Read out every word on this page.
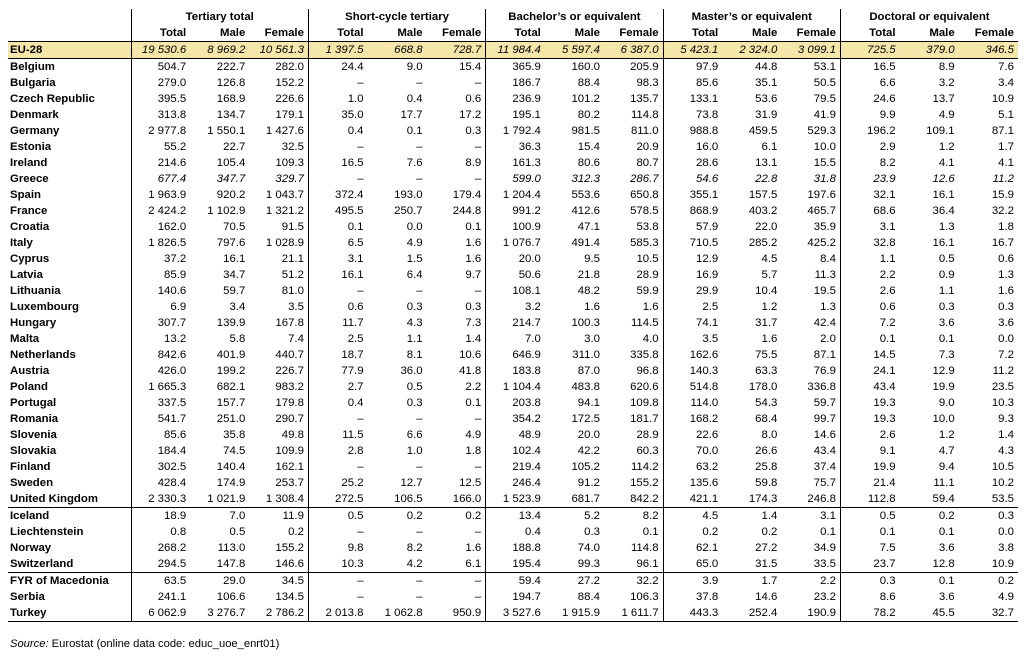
	Tertiary total			Short-cycle tertiary			Bachelor’s or equivalent			Master’s or equivalent			Doctoral or equivalent		
	Total	Male	Female	Total	Male	Female	Total	Male	Female	Total	Male	Female	Total	Male	Female
EU-28	19 530.6	8 969.2	10 561.3	1 397.5	668.8	728.7	11 984.4	5 597.4	6 387.0	5 423.1	2 324.0	3 099.1	725.5	379.0	346.5
Belgium	504.7	222.7	282.0	24.4	9.0	15.4	365.9	160.0	205.9	97.9	44.8	53.1	16.5	8.9	7.6
Bulgaria	279.0	126.8	152.2	–	–	–	186.7	88.4	98.3	85.6	35.1	50.5	6.6	3.2	3.4
Czech Republic	395.5	168.9	226.6	1.0	0.4	0.6	236.9	101.2	135.7	133.1	53.6	79.5	24.6	13.7	10.9
Denmark	313.8	134.7	179.1	35.0	17.7	17.2	195.1	80.2	114.8	73.8	31.9	41.9	9.9	4.9	5.1
Germany	2 977.8	1 550.1	1 427.6	0.4	0.1	0.3	1 792.4	981.5	811.0	988.8	459.5	529.3	196.2	109.1	87.1
Estonia	55.2	22.7	32.5	–	–	–	36.3	15.4	20.9	16.0	6.1	10.0	2.9	1.2	1.7
Ireland	214.6	105.4	109.3	16.5	7.6	8.9	161.3	80.6	80.7	28.6	13.1	15.5	8.2	4.1	4.1
Greece	677.4	347.7	329.7	–	–	–	599.0	312.3	286.7	54.6	22.8	31.8	23.9	12.6	11.2
Spain	1 963.9	920.2	1 043.7	372.4	193.0	179.4	1 204.4	553.6	650.8	355.1	157.5	197.6	32.1	16.1	15.9
France	2 424.2	1 102.9	1 321.2	495.5	250.7	244.8	991.2	412.6	578.5	868.9	403.2	465.7	68.6	36.4	32.2
Croatia	162.0	70.5	91.5	0.1	0.0	0.1	100.9	47.1	53.8	57.9	22.0	35.9	3.1	1.3	1.8
Italy	1 826.5	797.6	1 028.9	6.5	4.9	1.6	1 076.7	491.4	585.3	710.5	285.2	425.2	32.8	16.1	16.7
Cyprus	37.2	16.1	21.1	3.1	1.5	1.6	20.0	9.5	10.5	12.9	4.5	8.4	1.1	0.5	0.6
Latvia	85.9	34.7	51.2	16.1	6.4	9.7	50.6	21.8	28.9	16.9	5.7	11.3	2.2	0.9	1.3
Lithuania	140.6	59.7	81.0	–	–	–	108.1	48.2	59.9	29.9	10.4	19.5	2.6	1.1	1.6
Luxembourg	6.9	3.4	3.5	0.6	0.3	0.3	3.2	1.6	1.6	2.5	1.2	1.3	0.6	0.3	0.3
Hungary	307.7	139.9	167.8	11.7	4.3	7.3	214.7	100.3	114.5	74.1	31.7	42.4	7.2	3.6	3.6
Malta	13.2	5.8	7.4	2.5	1.1	1.4	7.0	3.0	4.0	3.5	1.6	2.0	0.1	0.1	0.0
Netherlands	842.6	401.9	440.7	18.7	8.1	10.6	646.9	311.0	335.8	162.6	75.5	87.1	14.5	7.3	7.2
Austria	426.0	199.2	226.7	77.9	36.0	41.8	183.8	87.0	96.8	140.3	63.3	76.9	24.1	12.9	11.2
Poland	1 665.3	682.1	983.2	2.7	0.5	2.2	1 104.4	483.8	620.6	514.8	178.0	336.8	43.4	19.9	23.5
Portugal	337.5	157.7	179.8	0.4	0.3	0.1	203.8	94.1	109.8	114.0	54.3	59.7	19.3	9.0	10.3
Romania	541.7	251.0	290.7	–	–	–	354.2	172.5	181.7	168.2	68.4	99.7	19.3	10.0	9.3
Slovenia	85.6	35.8	49.8	11.5	6.6	4.9	48.9	20.0	28.9	22.6	8.0	14.6	2.6	1.2	1.4
Slovakia	184.4	74.5	109.9	2.8	1.0	1.8	102.4	42.2	60.3	70.0	26.6	43.4	9.1	4.7	4.3
Finland	302.5	140.4	162.1	–	–	–	219.4	105.2	114.2	63.2	25.8	37.4	19.9	9.4	10.5
Sweden	428.4	174.9	253.7	25.2	12.7	12.5	246.4	91.2	155.2	135.6	59.8	75.7	21.4	11.1	10.2
United Kingdom	2 330.3	1 021.9	1 308.4	272.5	106.5	166.0	1 523.9	681.7	842.2	421.1	174.3	246.8	112.8	59.4	53.5
Iceland	18.9	7.0	11.9	0.5	0.2	0.2	13.4	5.2	8.2	4.5	1.4	3.1	0.5	0.2	0.3
Liechtenstein	0.8	0.5	0.2	–	–	–	0.4	0.3	0.1	0.2	0.2	0.1	0.1	0.1	0.0
Norway	268.2	113.0	155.2	9.8	8.2	1.6	188.8	74.0	114.8	62.1	27.2	34.9	7.5	3.6	3.8
Switzerland	294.5	147.8	146.6	10.3	4.2	6.1	195.4	99.3	96.1	65.0	31.5	33.5	23.7	12.8	10.9
FYR of Macedonia	63.5	29.0	34.5	–	–	–	59.4	27.2	32.2	3.9	1.7	2.2	0.3	0.1	0.2
Serbia	241.1	106.6	134.5	–	–	–	194.7	88.4	106.3	37.8	14.6	23.2	8.6	3.6	4.9
Turkey	6 062.9	3 276.7	2 786.2	2 013.8	1 062.8	950.9	3 527.6	1 915.9	1 611.7	443.3	252.4	190.9	78.2	45.5	32.7
Source: Eurostat (online data code: educ_uoe_enrt01)
